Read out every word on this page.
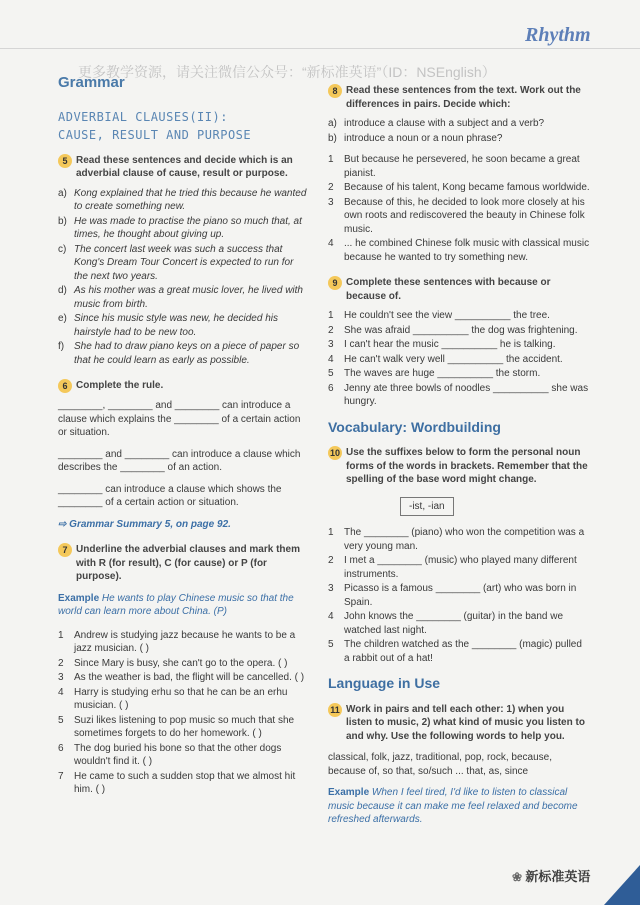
Rhythm
更多教学资源，请关注微信公众号：“新标准英语”（ID：NSEnglish）
Grammar
ADVERBIAL CLAUSES(II):
CAUSE, RESULT AND PURPOSE
5 Read these sentences and decide which is an adverbial clause of cause, result or purpose.
a) Kong explained that he tried this because he wanted to create something new.
b) He was made to practise the piano so much that, at times, he thought about giving up.
c) The concert last week was such a success that Kong's Dream Tour Concert is expected to run for the next two years.
d) As his mother was a great music lover, he lived with music from birth.
e) Since his music style was new, he decided his hairstyle had to be new too.
f) She had to draw piano keys on a piece of paper so that he could learn as early as possible.
6 Complete the rule.
________, ________ and ________ can introduce a clause which explains the ________ of a certain action or situation.
________ and ________ can introduce a clause which describes the ________ of an action.
________ can introduce a clause which shows the ________ of a certain action or situation.
⇨ Grammar Summary 5, on page 92.
7 Underline the adverbial clauses and mark them with R (for result), C (for cause) or P (for purpose).
Example He wants to play Chinese music so that the world can learn more about China. (P)
1	Andrew is studying jazz because he wants to be a jazz musician. ( )
2	Since Mary is busy, she can't go to the opera. ( )
3	As the weather is bad, the flight will be cancelled. ( )
4	Harry is studying erhu so that he can be an erhu musician. ( )
5	Suzi likes listening to pop music so much that she sometimes forgets to do her homework. ( )
6	The dog buried his bone so that the other dogs wouldn't find it. ( )
7	He came to such a sudden stop that we almost hit him. ( )
8 Read these sentences from the text. Work out the differences in pairs. Decide which:
a) introduce a clause with a subject and a verb?
b) introduce a noun or a noun phrase?
1	But because he persevered, he soon became a great pianist.
2	Because of his talent, Kong became famous worldwide.
3	Because of this, he decided to look more closely at his own roots and rediscovered the beauty in Chinese folk music.
4	... he combined Chinese folk music with classical music because he wanted to try something new.
9 Complete these sentences with because or because of.
1	He couldn't see the view __________ the tree.
2	She was afraid __________ the dog was frightening.
3	I can't hear the music __________ he is talking.
4	He can't walk very well __________ the accident.
5	The waves are huge __________ the storm.
6	Jenny ate three bowls of noodles __________ she was hungry.
Vocabulary: Wordbuilding
10 Use the suffixes below to form the personal noun forms of the words in brackets. Remember that the spelling of the base word might change.
-ist, -ian
1	The ________ (piano) who won the competition was a very young man.
2	I met a ________ (music) who played many different instruments.
3	Picasso is a famous ________ (art) who was born in Spain.
4	John knows the ________ (guitar) in the band we watched last night.
5	The children watched as the ________ (magic) pulled a rabbit out of a hat!
Language in Use
11 Work in pairs and tell each other: 1) when you listen to music, 2) what kind of music you listen to and why. Use the following words to help you.
classical, folk, jazz, traditional, pop, rock, because, because of, so that, so/such ... that, as, since
Example When I feel tired, I'd like to listen to classical music because it can make me feel relaxed and become refreshed afterwards.
❀ 新标准英语
